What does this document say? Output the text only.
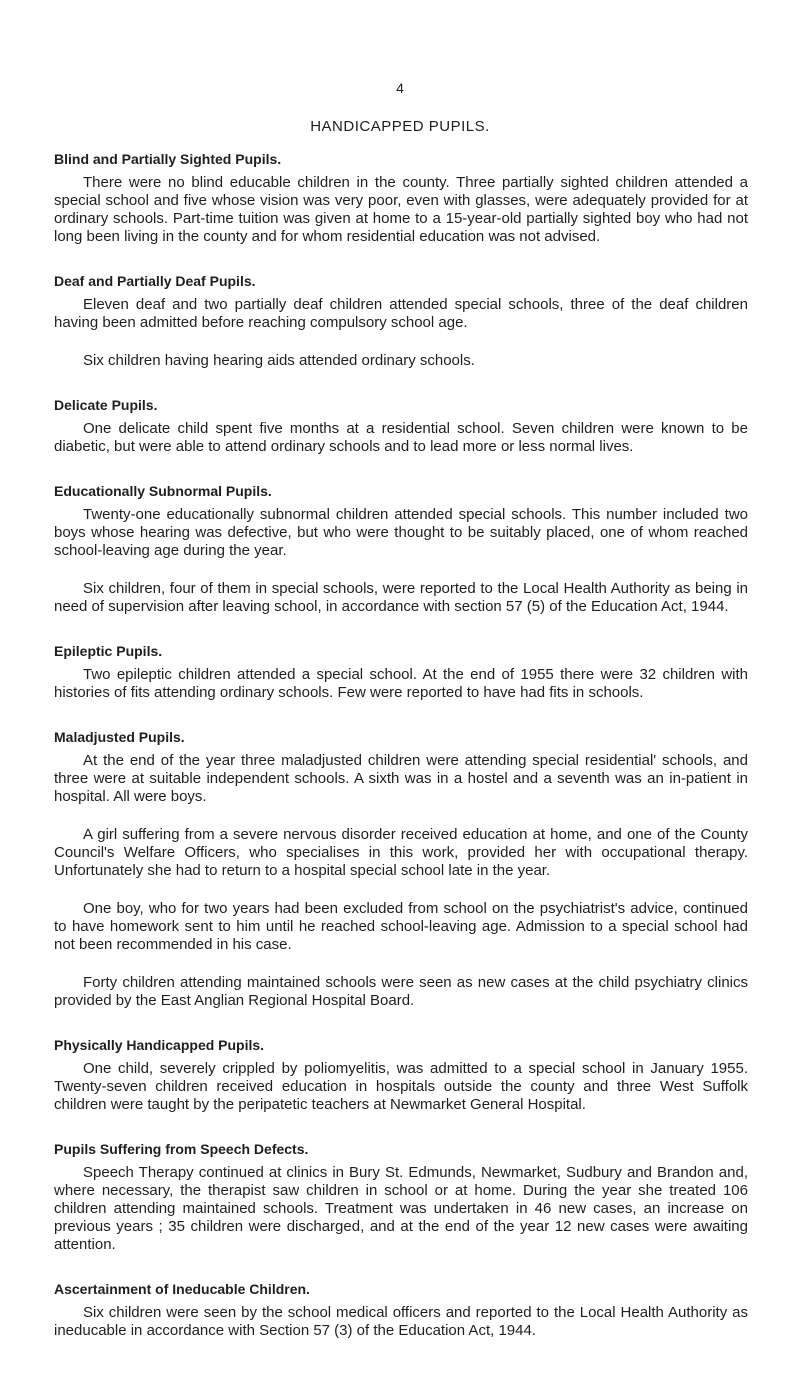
4
HANDICAPPED PUPILS.
Blind and Partially Sighted Pupils.

There were no blind educable children in the county. Three partially sighted children attended a special school and five whose vision was very poor, even with glasses, were adequately provided for at ordinary schools. Part-time tuition was given at home to a 15-year-old partially sighted boy who had not long been living in the county and for whom residential education was not advised.

Deaf and Partially Deaf Pupils.

Eleven deaf and two partially deaf children attended special schools, three of the deaf children having been admitted before reaching compulsory school age.

Six children having hearing aids attended ordinary schools.

Delicate Pupils.

One delicate child spent five months at a residential school. Seven children were known to be diabetic, but were able to attend ordinary schools and to lead more or less normal lives.

Educationally Subnormal Pupils.

Twenty-one educationally subnormal children attended special schools. This number included two boys whose hearing was defective, but who were thought to be suitably placed, one of whom reached school-leaving age during the year.

Six children, four of them in special schools, were reported to the Local Health Authority as being in need of supervision after leaving school, in accordance with section 57 (5) of the Education Act, 1944.

Epileptic Pupils.

Two epileptic children attended a special school. At the end of 1955 there were 32 children with histories of fits attending ordinary schools. Few were reported to have had fits in schools.

Maladjusted Pupils.

At the end of the year three maladjusted children were attending special residential' schools, and three were at suitable independent schools. A sixth was in a hostel and a seventh was an in-patient in hospital. All were boys.

A girl suffering from a severe nervous disorder received education at home, and one of the County Council's Welfare Officers, who specialises in this work, provided her with occupational therapy. Unfortunately she had to return to a hospital special school late in the year.

One boy, who for two years had been excluded from school on the psychiatrist's advice, continued to have homework sent to him until he reached school-leaving age. Admission to a special school had not been recommended in his case.

Forty children attending maintained schools were seen as new cases at the child psychiatry clinics provided by the East Anglian Regional Hospital Board.

Physically Handicapped Pupils.

One child, severely crippled by poliomyelitis, was admitted to a special school in January 1955. Twenty-seven children received education in hospitals outside the county and three West Suffolk children were taught by the peripatetic teachers at Newmarket General Hospital.

Pupils Suffering from Speech Defects.

Speech Therapy continued at clinics in Bury St. Edmunds, Newmarket, Sudbury and Brandon and, where necessary, the therapist saw children in school or at home. During the year she treated 106 children attending maintained schools. Treatment was undertaken in 46 new cases, an increase on previous years ; 35 children were discharged, and at the end of the year 12 new cases were awaiting attention.

Ascertainment of Ineducable Children.

Six children were seen by the school medical officers and reported to the Local Health Authority as ineducable in accordance with Section 57 (3) of the Education Act, 1944.
